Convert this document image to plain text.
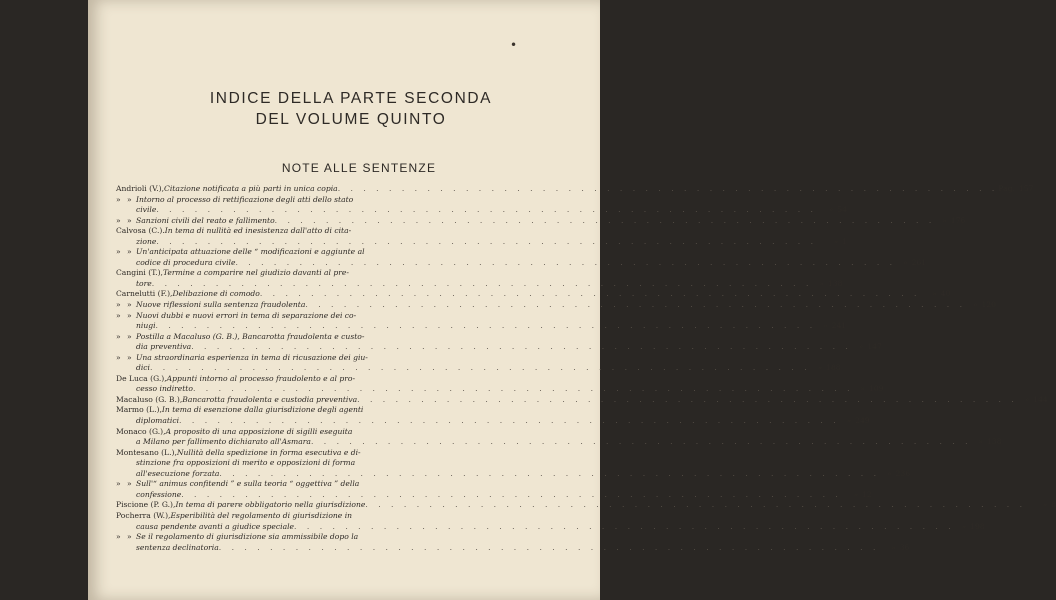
•
INDICE DELLA PARTE SECONDA
DEL VOLUME QUINTO
NOTE ALLE SENTENZE
Andrioli (V.), Citazione notificata a più parti in unica copia . . . . . . . . . . . . . . . . . . . . . . . . . . . . . . . . . . . . . . . . . . . . . . . . . . . . Pag. 157
» » Intorno al processo di rettificazione degli atti dello stato
civile . . . . . . . . . . . . . . . . . . . . . . . . . . . . . . . . . . . . . . . . . . . . . . . . . . . .	» 54
» » Sanzioni civili del reato e fallimento . . . . . . . . . . . . . . . . . . . . . . . . . . . . . . . . . . . . . . . . . . . . . . . . . . . . » 176
Calvosa (C.). In tema di nullità ed inesistenza dall'atto di cita-
zione . . . . . . . . . . . . . . . . . . . . . . . . . . . . . . . . . . . . . . . . . . . . . . . . . . . .	» 1
» » Un'anticipata attuazione delle “ modificazioni e aggiunte al
codice di procedura civile . . . . . . . . . . . . . . . . . . . . . . . . . . . . . . . . . . . . . . . . . . . . . . . . . . . . » 261
Cangini (T.), Termine a comparire nel giudizio davanti al pre-
tore . . . . . . . . . . . . . . . . . . . . . . . . . . . . . . . . . . . . . . . . . . . . . . . . . . . . » 138
Carnelutti (F.), Delibazione di comodo . . . . . . . . . . . . . . . . . . . . . . . . . . . . . . . . . . . . . . . . . . . . . . . . . . . .	» 40
» » Nuove riflessioni sulla sentenza fraudolenta . . . . . . . . . . . . . . . . . . . . . . . . . . . . . . . . . . . . . . . . . . . . . . . . . . . . » 120
» » Nuovi dubbi e nuovi errori in tema di separazione dei co-
niugi . . . . . . . . . . . . . . . . . . . . . . . . . . . . . . . . . . . . . . . . . . . . . . . . . . . . » 241
» » Postilla a Macaluso (G. B.), Bancarotta fraudolenta e custo-
dia preventiva . . . . . . . . . . . . . . . . . . . . . . . . . . . . . . . . . . . . . . . . . . . . . . . . . . . . » 147
» » Una straordinaria esperienza in tema di ricusazione dei giu-
dici . . . . . . . . . . . . . . . . . . . . . . . . . . . . . . . . . . . . . . . . . . . . . . . . . . . . » 188
De Luca (G.), Appunti intorno al processo fraudolento e al pro-
cesso indiretto . . . . . . . . . . . . . . . . . . . . . . . . . . . . . . . . . . . . . . . . . . . . . . . . . . . . » 109
Macaluso (G. B.), Bancarotta fraudolenta e custodia preventiva . . . . . . . . . . . . . . . . . . . . . . . . . . . . . . . . . . . . . . . . . . . . . . . . . . . . » 144
Marmo (L.), In tema di esenzione dalla giurisdizione degli agenti
diplomatici . . . . . . . . . . . . . . . . . . . . . . . . . . . . . . . . . . . . . . . . . . . . . . . . . . . . » 249
Monaco (G.), A proposito di una apposizione di sigilli eseguita
a Milano per fallimento dichiarato all'Asmara . . . . . . . . . . . . . . . . . . . . . . . . . . . . . . . . . . . . . . . . . . . . . . . . . . . . » 138
Montesano (L.), Nullità della spedizione in forma esecutiva e di-
stinzione fra opposizioni di merito e opposizioni di forma
all'esecuzione forzata . . . . . . . . . . . . . . . . . . . . . . . . . . . . . . . . . . . . . . . . . . . . . . . . . . . . » 236
» » Sull'“ animus confitendi ” e sulla teoria “ oggettiva ” della
confessione . . . . . . . . . . . . . . . . . . . . . . . . . . . . . . . . . . . . . . . . . . . . . . . . . . . .	» 12
Piscione (P. G.), In tema di parere obbligatorio nella giurisdizione . . . . . . . . . . . . . . . . . . . . . . . . . . . . . . . . . . . . . . . . . . . . . . . . . . . .	» 8
Pocherra (W.), Esperibilità del regolamento di giurisdizione in
causa pendente avanti a giudice speciale . . . . . . . . . . . . . . . . . . . . . . . . . . . . . . . . . . . . . . . . . . . . . . . . . . . . » 198
» » Se il regolamento di giurisdizione sia ammissibile dopo la
sentenza declinatoria . . . . . . . . . . . . . . . . . . . . . . . . . . . . . . . . . . . . . . . . . . . . . . . . . . . .	» 36
